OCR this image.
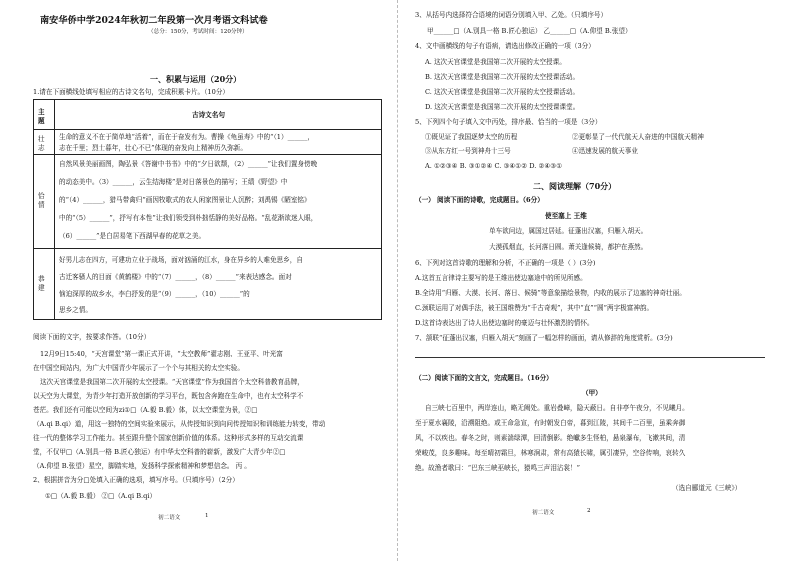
南安华侨中学2024年秋初二年段第一次月考语文科试卷
（总分：150分，考试时间：120分钟）
一、积累与运用（20分）
1.请在下面横线处填写相应的古诗文名句，完成积累卡片。（10分）
主题
古诗文名句
壮志
生命的意义不在于简单地“活着”，而在于奋发有为。曹操《龟虽寿》中的“（1）______，
志在千里；烈士暮年，壮心不已”体现的奋发向上精神历久弥新。
恰情
自然风景美丽画图，陶弘景《答谢中书书》中的“夕日欲颓，（2）______”让我们置身傍晚
的动态美中。（3）______，云生结海楼”是对日落景色的描写；王绩《野望》中
的“（4）______，猎马带禽归”画因牧歌式的农人闲家图景让人沉醉；刘禹锡《陋室铭》
中的“（5）______”，抒写有本性”让我们领受到朴拙恬静的美好品格。“乱花渐欲迷人眼，
（6）______”是白居易笔下西湖早春的花草之美。
恭建
好男儿志在四方，可建功立业于战场，面对汹涌的江水，身在异乡的人难免思乡，自
古迁客骚人的目面《黄鹤楼》中的“（7）______，（8）______”来表达感念。面对
恼迫深厚的故乡水，李白抒发的是“（9）______，（10）______”的
思乡之情。
阅读下面的文字，按要求作答。（10分）
12月9日15:40，“天宫课堂”第一课正式开讲，“太空教师”翟志刚、王亚平、叶光富
在中国空间站内，为广大中国青少年展示了一个个与其相关的太空实验。
这次天宫课堂是我国第二次开展的太空授课。“天宫课堂”作为我国首个太空科普教育品牌，
以天空为大课堂，为青少年打造开放创新的学习平台，既包含奔跑在生命中，也有太空科学不
苍茫。我们还有可能以空间为zi①□（A.毅 B.毅）体，以太空课堂为景，②□
（A.qi B.qi）道，用这一独特的空间实验来展示，从传授知识到向问传授知识和训练能力转变，带动
往一代的整体学习工作能力。甚至跟升整个国家创新价值的体系。这种形式多样的互动交流课
堂，不仅甲□（A.别具一格 B.匠心独运）有中华太空科普的崭新，激发广大青少年②□
（A.仰望 B.张望）星空，脚踏实地，发扬科学探索精神和梦想信念。 丙 。
2、根据拼音为分□处填入正确的选项，填写序号。（只填序号）（2分）
①□（A.毅 B.毅） ②□（A.qi B.qi）
初二语文	1
3、从括号内选择符合语境的词语分别填入甲、乙处。（只填序号）
甲______□（A.别具一格 B.匠心独运） 乙______□（A.仰望 B.张望）
4、文中画横线的句子有语病，请选出修改正确的一项（3分）
A. 这次天宫课堂是我国第二次开展的太空授课。
B. 这次天宫课堂是我国第二次开展的太空授课活动。
C. 这次天宫课堂是我国第二次开展的太空授课活动。
D. 这次天宫课堂是我国第二次开展的太空授课课堂。
5、下列四个句子填入文中丙处，排序最、恰当的一项是（3分）
①既见证了我国逐梦太空的历程	②更彰显了一代代航天人奋进的中国航天精神
③从东方红一号到神舟十三号	④迅速发展的航天事业
A. ①②③④ B. ③①②④ C. ③④①② D. ②④③①
二、阅读理解（70分）
（一） 阅读下面的诗歌，完成题目。（6分）
使至塞上 王维
单车欲问边，属国过居延。征蓬出汉塞，归雁入胡天。
大漠孤烟直，长河落日圆。萧关逢候骑，都护在燕然。
6、下列对这首诗歌的理解和分析，不正确的一项是（ ）(3分)
A.这首五言律诗主要写的是王维出使边塞途中的所见所感。
B.全诗用“归雁、大漠、长河、落日、候骑”等意象描绘景物，内收的展示了边塞的神奇壮丽。
C.颈联运用了对偶手法，被王国维赞为“千古奇观”，其中“直”“圆”两字极富神韵。
D.这首诗表达出了诗人出使边塞时的豪迈与壮怀激烈的情怀。
7、颔联“征蓬出汉塞，归雁入胡天”刻画了一幅怎样的画面，请从修辞的角度赏析。(3分)
（二）阅读下面的文言文，完成题目。（16分）
（甲）
自三峡七百里中，两岸连山，略无阙处。重岩叠嶂，隐天蔽日。自非亭午夜分，不见曦月。
至于夏水襄陵，沿溯阻绝。或王命急宣，有时朝发白帝，暮到江陵，其间千二百里，虽乘奔御
风，不以疾也。春冬之时，则素湍绿潭，回清倒影。绝巘多生怪柏，悬泉瀑布，飞漱其间，清
荣峻茂，良多趣味。每至晴初霜旦，林寒涧肃，常有高猿长啸，属引凄异，空谷传响，哀转久
绝。故渔者歌曰：“巴东三峡巫峡长，猿鸣三声泪沾裳！”
（选自郦道元《三峡》）
初二语文	2
